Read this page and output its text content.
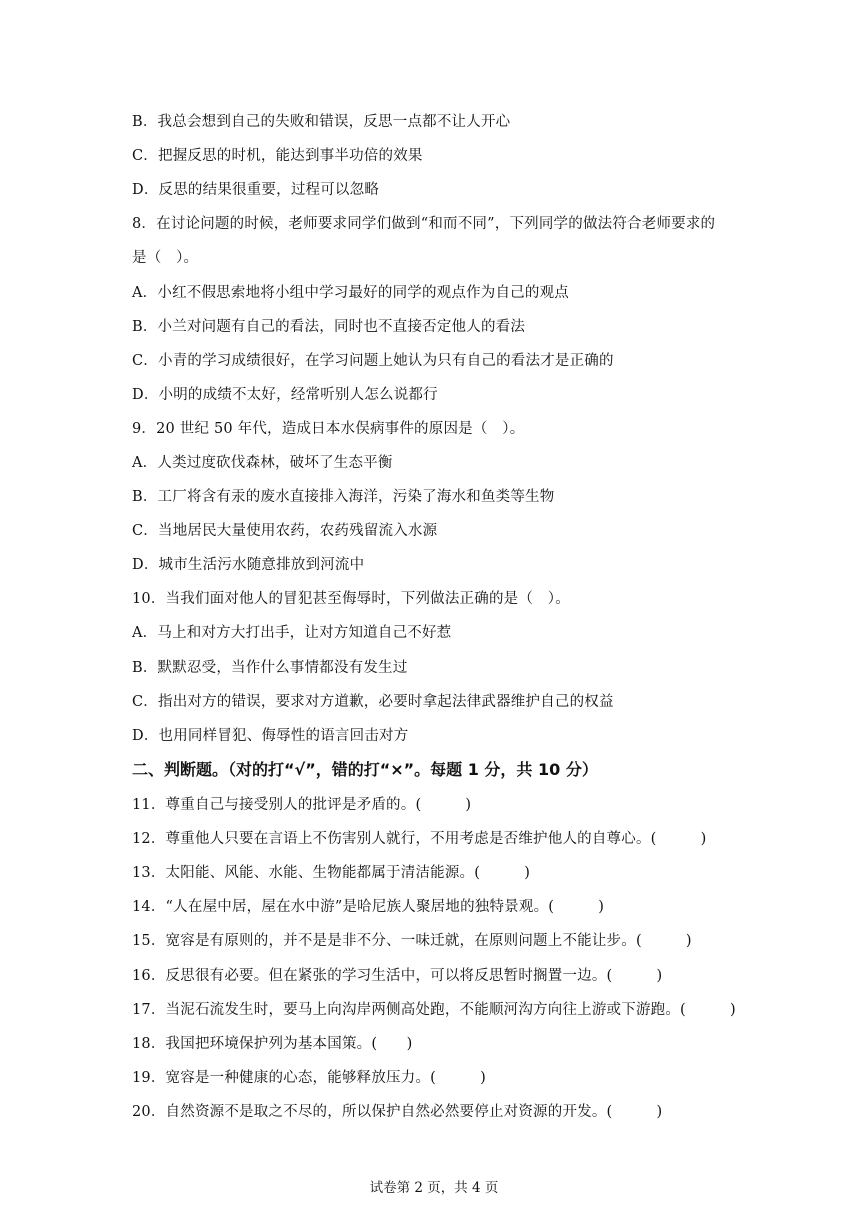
B．我总会想到自己的失败和错误，反思一点都不让人开心
C．把握反思的时机，能达到事半功倍的效果
D．反思的结果很重要，过程可以忽略
8．在讨论问题的时候，老师要求同学们做到“和而不同”，下列同学的做法符合老师要求的
是（　）。
A．小红不假思索地将小组中学习最好的同学的观点作为自己的观点
B．小兰对问题有自己的看法，同时也不直接否定他人的看法
C．小青的学习成绩很好，在学习问题上她认为只有自己的看法才是正确的
D．小明的成绩不太好，经常听别人怎么说都行
9．20 世纪 50 年代，造成日本水俣病事件的原因是（　）。
A．人类过度砍伐森林，破坏了生态平衡
B．工厂将含有汞的废水直接排入海洋，污染了海水和鱼类等生物
C．当地居民大量使用农药，农药残留流入水源
D．城市生活污水随意排放到河流中
10．当我们面对他人的冒犯甚至侮辱时，下列做法正确的是（　）。
A．马上和对方大打出手，让对方知道自己不好惹
B．默默忍受，当作什么事情都没有发生过
C．指出对方的错误，要求对方道歉，必要时拿起法律武器维护自己的权益
D．也用同样冒犯、侮辱性的语言回击对方
二、判断题。（对的打“√”，错的打“×”。每题 1 分，共 10 分）
11．尊重自己与接受别人的批评是矛盾的。(　　　)
12．尊重他人只要在言语上不伤害别人就行，不用考虑是否维护他人的自尊心。(　　　)
13．太阳能、风能、水能、生物能都属于清洁能源。(　　　)
14．“人在屋中居，屋在水中游”是哈尼族人聚居地的独特景观。(　　　)
15．宽容是有原则的，并不是是非不分、一味迁就，在原则问题上不能让步。(　　　)
16．反思很有必要。但在紧张的学习生活中，可以将反思暂时搁置一边。(　　　)
17．当泥石流发生时，要马上向沟岸两侧高处跑，不能顺河沟方向往上游或下游跑。(　　　)
18．我国把环境保护列为基本国策。(　　)
19．宽容是一种健康的心态，能够释放压力。(　　　)
20．自然资源不是取之不尽的，所以保护自然必然要停止对资源的开发。(　　　)
试卷第 2 页，共 4 页
